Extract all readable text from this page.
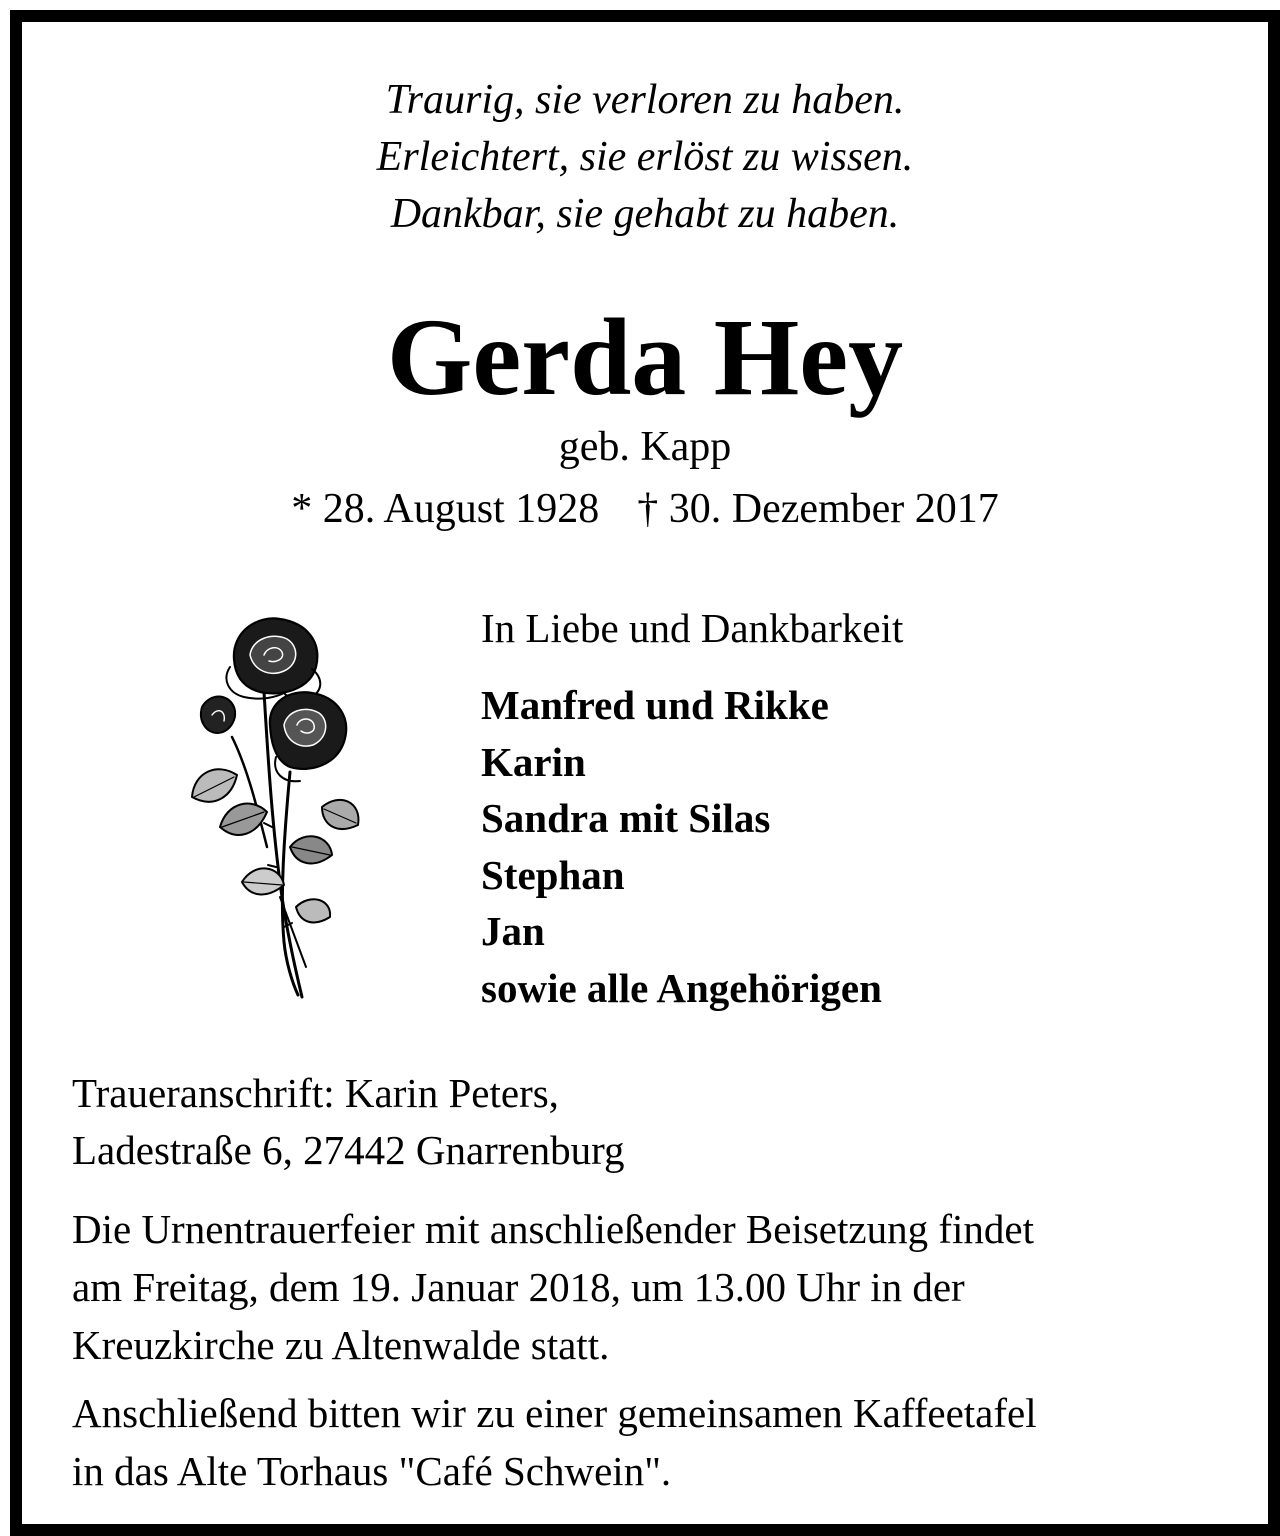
Traurig, sie verloren zu haben.
Erleichtert, sie erlöst zu wissen.
Dankbar, sie gehabt zu haben.
Gerda Hey
geb. Kapp
* 28. August 1928 † 30. Dezember 2017
In Liebe und Dankbarkeit
Manfred und Rikke
Karin
Sandra mit Silas
Stephan
Jan
sowie alle Angehörigen
Traueranschrift: Karin Peters,
Ladestraße 6, 27442 Gnarrenburg
Die Urnentrauerfeier mit anschließender Beisetzung findet
am Freitag, dem 19. Januar 2018, um 13.00 Uhr in der
Kreuzkirche zu Altenwalde statt.
Anschließend bitten wir zu einer gemeinsamen Kaffeetafel
in das Alte Torhaus "Café Schwein".
